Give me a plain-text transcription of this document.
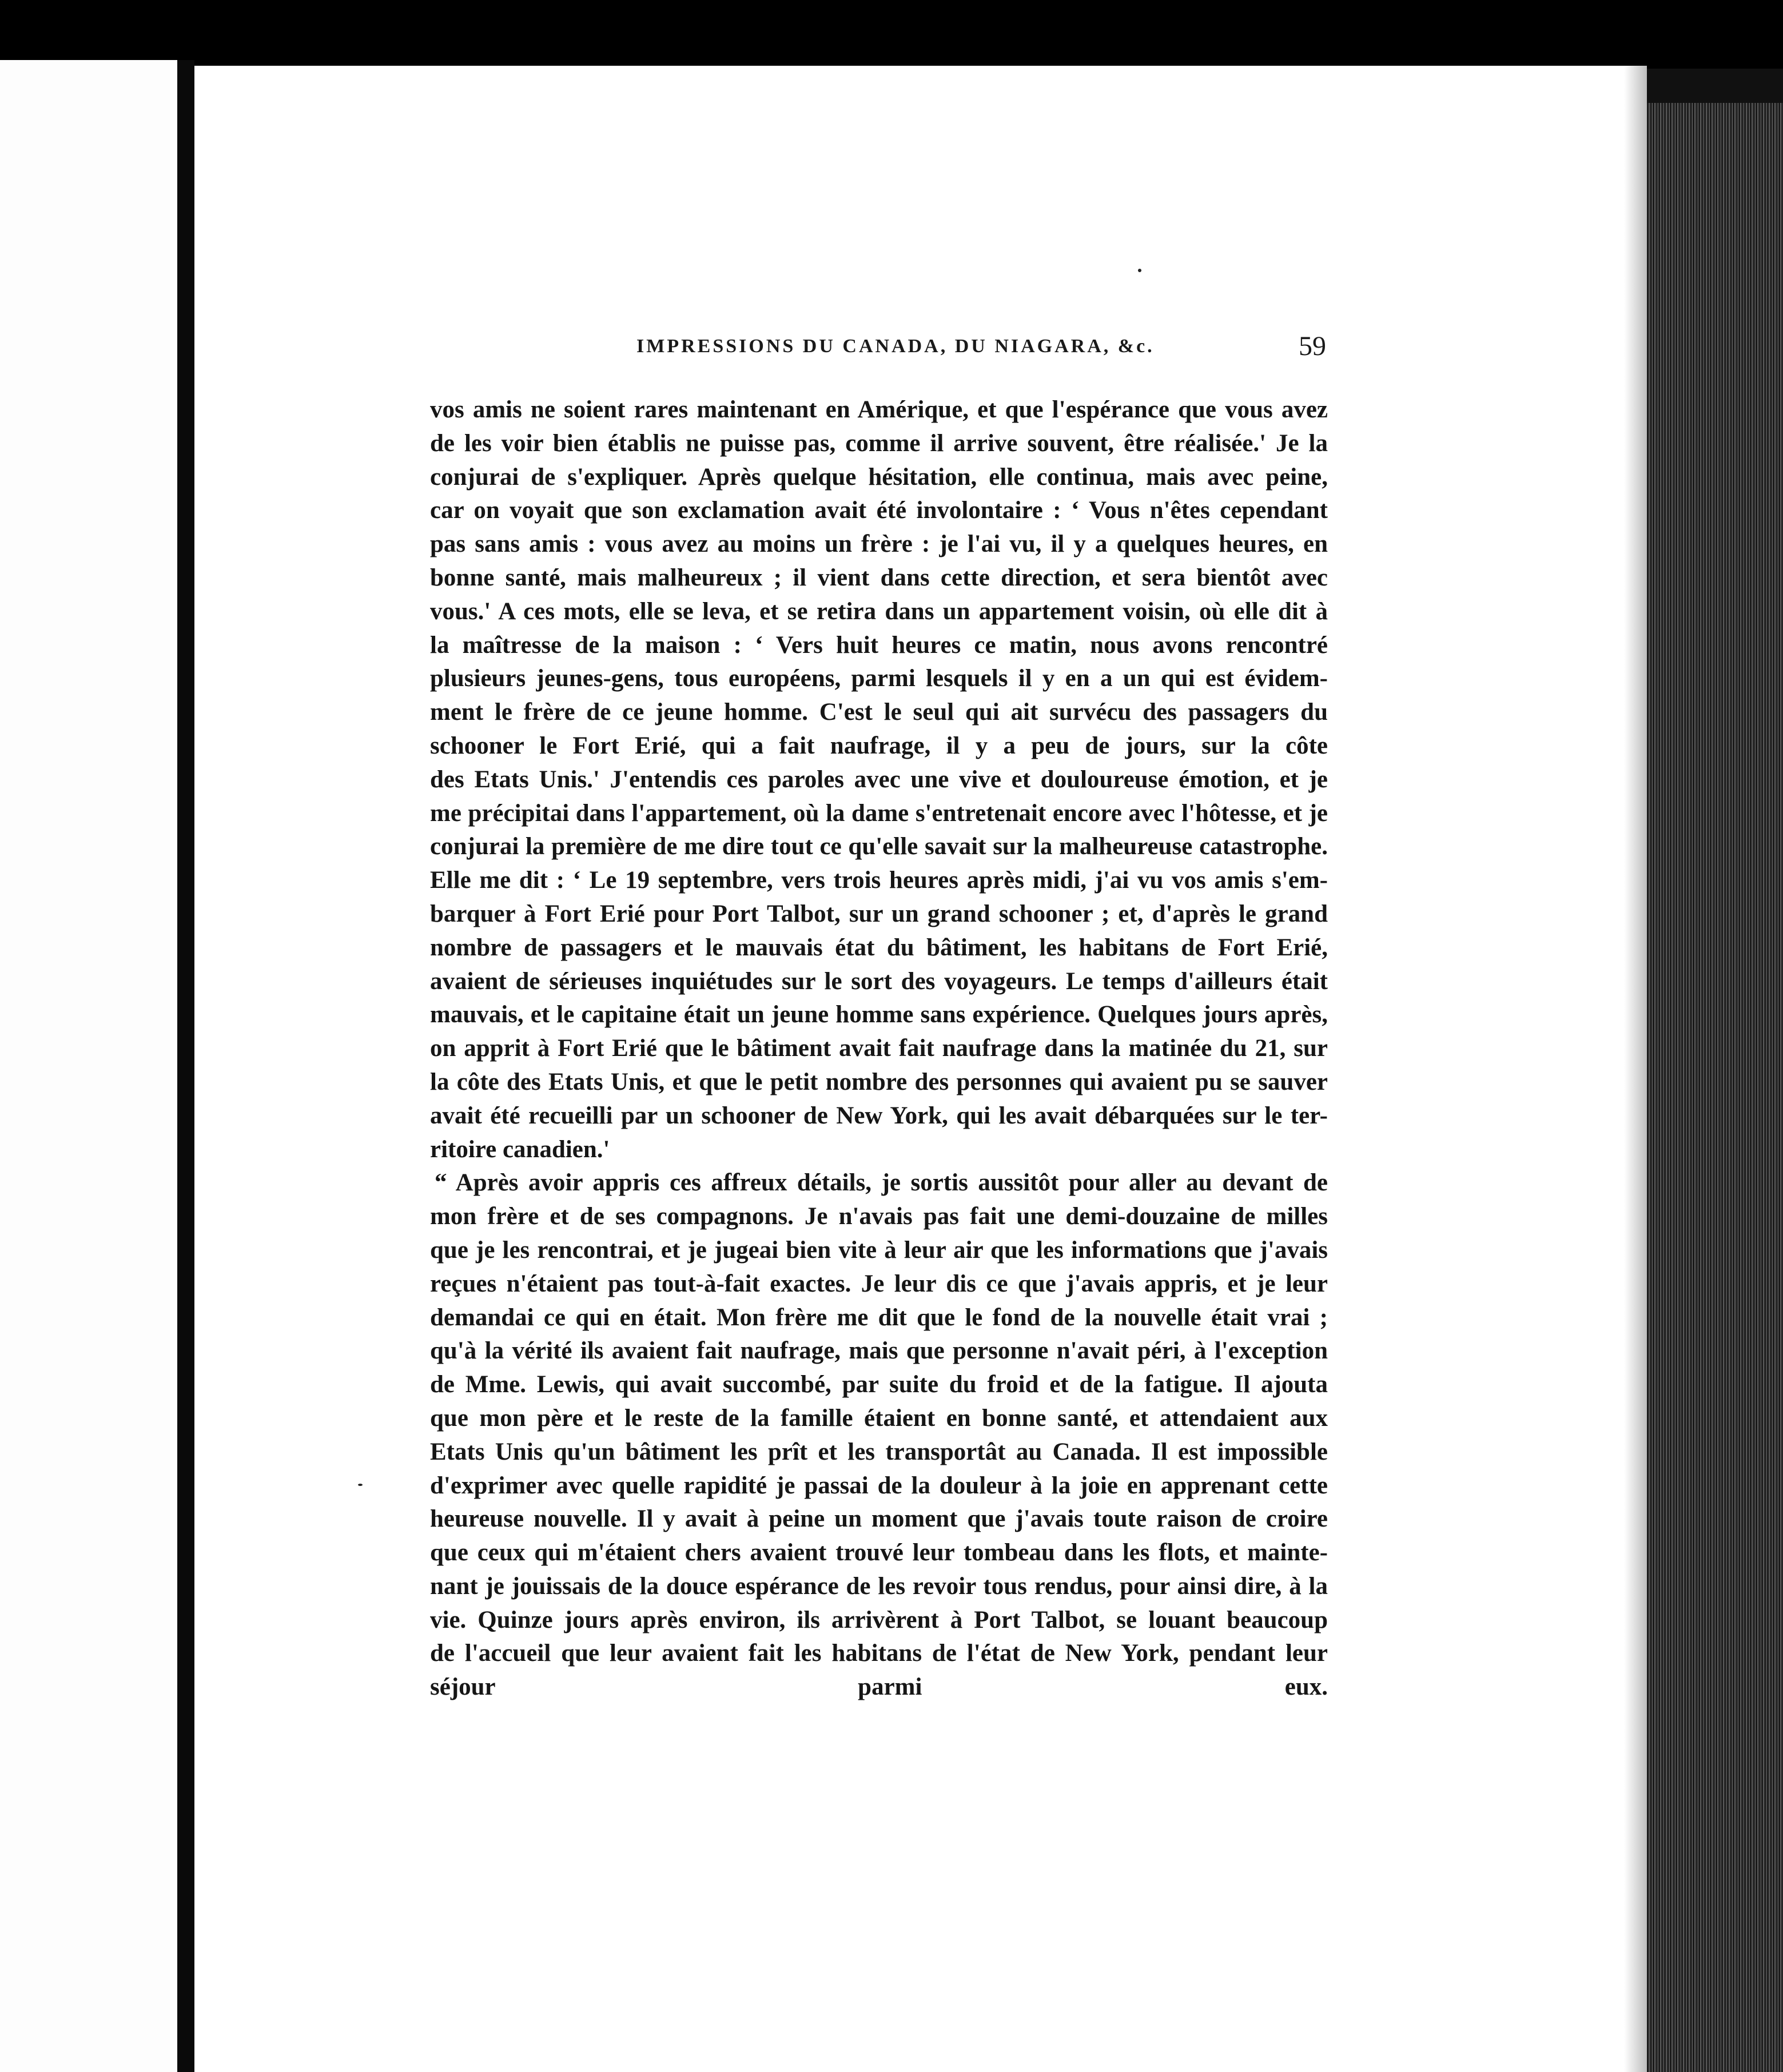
IMPRESSIONS DU CANADA, DU NIAGARA, &c.	59
vos amis ne soient rares maintenant en Amérique, et que l'espérance que vous avez
de les voir bien établis ne puisse pas, comme il arrive souvent, être réalisée.' Je la
conjurai de s'expliquer. Après quelque hésitation, elle continua, mais avec peine,
car on voyait que son exclamation avait été involontaire : ‘ Vous n'êtes cependant
pas sans amis : vous avez au moins un frère : je l'ai vu, il y a quelques heures, en
bonne santé, mais malheureux ; il vient dans cette direction, et sera bientôt avec
vous.' A ces mots, elle se leva, et se retira dans un appartement voisin, où elle dit à
la maîtresse de la maison : ‘ Vers huit heures ce matin, nous avons rencontré
plusieurs jeunes-gens, tous européens, parmi lesquels il y en a un qui est évidem-
ment le frère de ce jeune homme. C'est le seul qui ait survécu des passagers du
schooner le Fort Erié, qui a fait naufrage, il y a peu de jours, sur la côte
des Etats Unis.' J'entendis ces paroles avec une vive et douloureuse émotion, et je
me précipitai dans l'appartement, où la dame s'entretenait encore avec l'hôtesse, et je
conjurai la première de me dire tout ce qu'elle savait sur la malheureuse catastrophe.
Elle me dit : ‘ Le 19 septembre, vers trois heures après midi, j'ai vu vos amis s'em-
barquer à Fort Erié pour Port Talbot, sur un grand schooner ; et, d'après le grand
nombre de passagers et le mauvais état du bâtiment, les habitans de Fort Erié,
avaient de sérieuses inquiétudes sur le sort des voyageurs. Le temps d'ailleurs était
mauvais, et le capitaine était un jeune homme sans expérience. Quelques jours après,
on apprit à Fort Erié que le bâtiment avait fait naufrage dans la matinée du 21, sur
la côte des Etats Unis, et que le petit nombre des personnes qui avaient pu se sauver
avait été recueilli par un schooner de New York, qui les avait débarquées sur le ter-
ritoire canadien.'
“ Après avoir appris ces affreux détails, je sortis aussitôt pour aller au devant de
mon frère et de ses compagnons. Je n'avais pas fait une demi-douzaine de milles
que je les rencontrai, et je jugeai bien vite à leur air que les informations que j'avais
reçues n'étaient pas tout-à-fait exactes. Je leur dis ce que j'avais appris, et je leur
demandai ce qui en était. Mon frère me dit que le fond de la nouvelle était vrai ;
qu'à la vérité ils avaient fait naufrage, mais que personne n'avait péri, à l'exception
de Mme. Lewis, qui avait succombé, par suite du froid et de la fatigue. Il ajouta
que mon père et le reste de la famille étaient en bonne santé, et attendaient aux
Etats Unis qu'un bâtiment les prît et les transportât au Canada. Il est impossible
d'exprimer avec quelle rapidité je passai de la douleur à la joie en apprenant cette
heureuse nouvelle. Il y avait à peine un moment que j'avais toute raison de croire
que ceux qui m'étaient chers avaient trouvé leur tombeau dans les flots, et mainte-
nant je jouissais de la douce espérance de les revoir tous rendus, pour ainsi dire, à la
vie. Quinze jours après environ, ils arrivèrent à Port Talbot, se louant beaucoup
de l'accueil que leur avaient fait les habitans de l'état de New York, pendant leur
séjour parmi eux.
